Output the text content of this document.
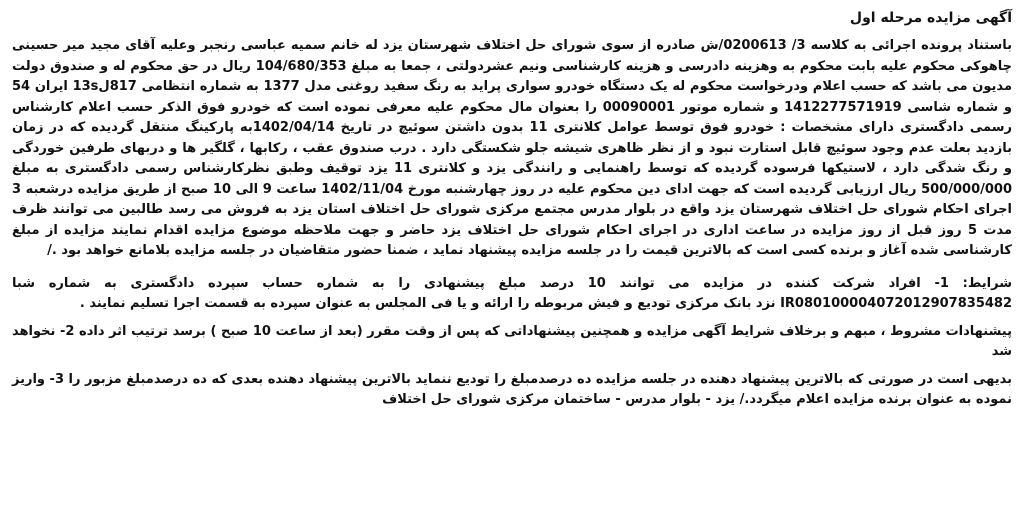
آگهی مزایده مرحله اول

باستناد پرونده اجرائی به کلاسه 3/ 0200613/ش صادره از سوی شورای حل اختلاف شهرستان یزد له خانم سمیه عباسی رنجبر وعلیه آقای مجید میر حسینی چاهوکی محکوم علیه بابت محکوم به وهزینه دادرسی و هزینه کارشناسی ونیم عشردولتی ، جمعا به مبلغ 104/680/353 ریال در حق محکوم له و صندوق دولت مدیون می باشد که حسب اعلام ودرخواست محکوم له یک دستگاه خودرو سواری پراید به رنگ سفید روغنی مدل 1377 به شماره انتظامی 817ل13s ایران 54 و شماره شاسی 1412277571919 و شماره موتور 00090001 را بعنوان مال محکوم علیه معرفی نموده است که خودرو فوق الذکر حسب اعلام کارشناس رسمی دادگستری دارای مشخصات : خودرو فوق توسط عوامل کلانتری 11 بدون داشتن سوئیچ در تاریخ 1402/04/14به پارکینگ منتقل گردیده که در زمان بازدید بعلت عدم وجود سوئیچ قابل استارت نبود و از نظر ظاهری شیشه جلو شکستگی دارد . درب صندوق عقب ، رکابها ، گلگیر ها و دربهای طرفین خوردگی و رنگ شدگی دارد ، لاستیکها فرسوده گردیده که توسط راهنمایی و رانندگی یزد و کلانتری 11 یزد توقیف وطبق نظرکارشناس رسمی دادگستری به مبلغ 500/000/000 ریال ارزیابی گردیده است که جهت ادای دین محکوم علیه در روز چهارشنبه مورخ 1402/11/04 ساعت 9 الی 10 صبح از طریق مزایده درشعبه 3 اجرای احکام شورای حل اختلاف شهرستان یزد واقع در بلوار مدرس مجتمع مرکزی شورای حل اختلاف استان یزد به فروش می رسد طالبین می توانند ظرف مدت 5 روز قبل از روز مزایده در ساعت اداری در اجرای احکام شورای حل اختلاف یزد حاضر و جهت ملاحظه موضوع مزایده اقدام نمایند مزایده از مبلغ کارشناسی شده آغاز و برنده کسی است که بالاترین قیمت را در جلسه مزایده پیشنهاد نماید ، ضمنا حضور متقاضیان در جلسه مزایده بلامانع خواهد بود ./

شرایط: 1- افراد شرکت کننده در مزایده می توانند 10 درصد مبلغ پیشنهادی را به شماره حساب سپرده دادگستری به شماره شبا IR080100004072012907835482 نزد بانک مرکزی تودیع و فیش مربوطه را ارائه و یا فی المجلس به عنوان سپرده به قسمت اجرا تسلیم نمایند .

پیشنهادات مشروط ، مبهم و برخلاف شرایط آگهی مزایده و همچنین پیشنهاداتی که پس از وقت مقرر (بعد از ساعت 10 صبح ) برسد ترتیب اثر داده 2- نخواهد شد

بدیهی است در صورتی که بالاترین پیشنهاد دهنده در جلسه مزایده ده درصدمبلغ را تودیع ننماید بالاترین پیشنهاد دهنده بعدی که ده درصدمبلغ مزبور را 3- واریز نموده به عنوان برنده مزایده اعلام میگردد./ یزد - بلوار مدرس - ساختمان مرکزی شورای حل اختلاف
